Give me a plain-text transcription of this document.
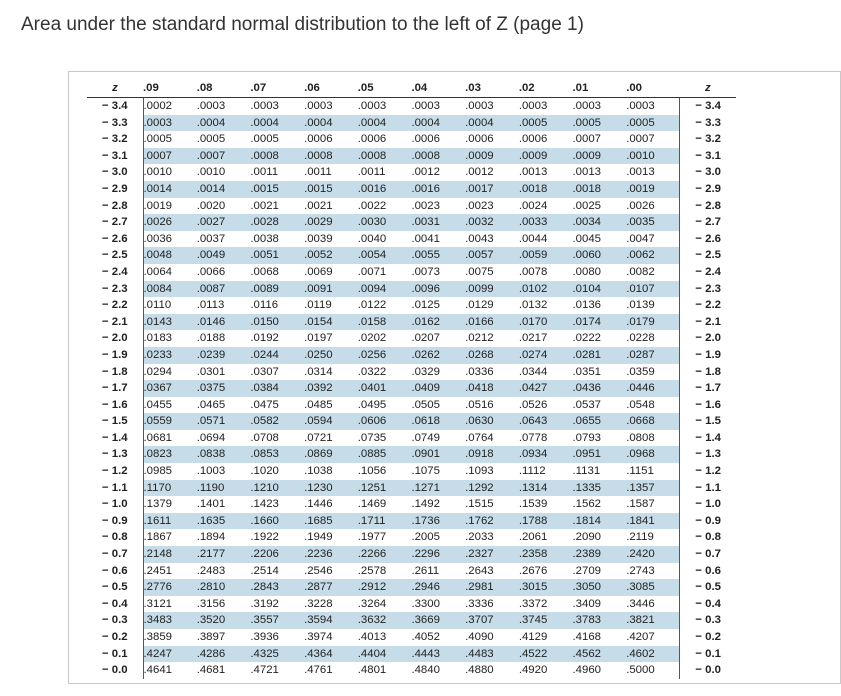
Area under the standard normal distribution to the left of Z (page 1)
z	.09	.08	.07	.06	.05	.04	.03	.02	.01	.00	z
− 3.4	.0002	.0003	.0003	.0003	.0003	.0003	.0003	.0003	.0003	.0003	− 3.4
− 3.3	.0003	.0004	.0004	.0004	.0004	.0004	.0004	.0005	.0005	.0005	− 3.3
− 3.2	.0005	.0005	.0005	.0006	.0006	.0006	.0006	.0006	.0007	.0007	− 3.2
− 3.1	.0007	.0007	.0008	.0008	.0008	.0008	.0009	.0009	.0009	.0010	− 3.1
− 3.0	.0010	.0010	.0011	.0011	.0011	.0012	.0012	.0013	.0013	.0013	− 3.0
− 2.9	.0014	.0014	.0015	.0015	.0016	.0016	.0017	.0018	.0018	.0019	− 2.9
− 2.8	.0019	.0020	.0021	.0021	.0022	.0023	.0023	.0024	.0025	.0026	− 2.8
− 2.7	.0026	.0027	.0028	.0029	.0030	.0031	.0032	.0033	.0034	.0035	− 2.7
− 2.6	.0036	.0037	.0038	.0039	.0040	.0041	.0043	.0044	.0045	.0047	− 2.6
− 2.5	.0048	.0049	.0051	.0052	.0054	.0055	.0057	.0059	.0060	.0062	− 2.5
− 2.4	.0064	.0066	.0068	.0069	.0071	.0073	.0075	.0078	.0080	.0082	− 2.4
− 2.3	.0084	.0087	.0089	.0091	.0094	.0096	.0099	.0102	.0104	.0107	− 2.3
− 2.2	.0110	.0113	.0116	.0119	.0122	.0125	.0129	.0132	.0136	.0139	− 2.2
− 2.1	.0143	.0146	.0150	.0154	.0158	.0162	.0166	.0170	.0174	.0179	− 2.1
− 2.0	.0183	.0188	.0192	.0197	.0202	.0207	.0212	.0217	.0222	.0228	− 2.0
− 1.9	.0233	.0239	.0244	.0250	.0256	.0262	.0268	.0274	.0281	.0287	− 1.9
− 1.8	.0294	.0301	.0307	.0314	.0322	.0329	.0336	.0344	.0351	.0359	− 1.8
− 1.7	.0367	.0375	.0384	.0392	.0401	.0409	.0418	.0427	.0436	.0446	− 1.7
− 1.6	.0455	.0465	.0475	.0485	.0495	.0505	.0516	.0526	.0537	.0548	− 1.6
− 1.5	.0559	.0571	.0582	.0594	.0606	.0618	.0630	.0643	.0655	.0668	− 1.5
− 1.4	.0681	.0694	.0708	.0721	.0735	.0749	.0764	.0778	.0793	.0808	− 1.4
− 1.3	.0823	.0838	.0853	.0869	.0885	.0901	.0918	.0934	.0951	.0968	− 1.3
− 1.2	.0985	.1003	.1020	.1038	.1056	.1075	.1093	.1112	.1131	.1151	− 1.2
− 1.1	.1170	.1190	.1210	.1230	.1251	.1271	.1292	.1314	.1335	.1357	− 1.1
− 1.0	.1379	.1401	.1423	.1446	.1469	.1492	.1515	.1539	.1562	.1587	− 1.0
− 0.9	.1611	.1635	.1660	.1685	.1711	.1736	.1762	.1788	.1814	.1841	− 0.9
− 0.8	.1867	.1894	.1922	.1949	.1977	.2005	.2033	.2061	.2090	.2119	− 0.8
− 0.7	.2148	.2177	.2206	.2236	.2266	.2296	.2327	.2358	.2389	.2420	− 0.7
− 0.6	.2451	.2483	.2514	.2546	.2578	.2611	.2643	.2676	.2709	.2743	− 0.6
− 0.5	.2776	.2810	.2843	.2877	.2912	.2946	.2981	.3015	.3050	.3085	− 0.5
− 0.4	.3121	.3156	.3192	.3228	.3264	.3300	.3336	.3372	.3409	.3446	− 0.4
− 0.3	.3483	.3520	.3557	.3594	.3632	.3669	.3707	.3745	.3783	.3821	− 0.3
− 0.2	.3859	.3897	.3936	.3974	.4013	.4052	.4090	.4129	.4168	.4207	− 0.2
− 0.1	.4247	.4286	.4325	.4364	.4404	.4443	.4483	.4522	.4562	.4602	− 0.1
− 0.0	.4641	.4681	.4721	.4761	.4801	.4840	.4880	.4920	.4960	.5000	− 0.0
